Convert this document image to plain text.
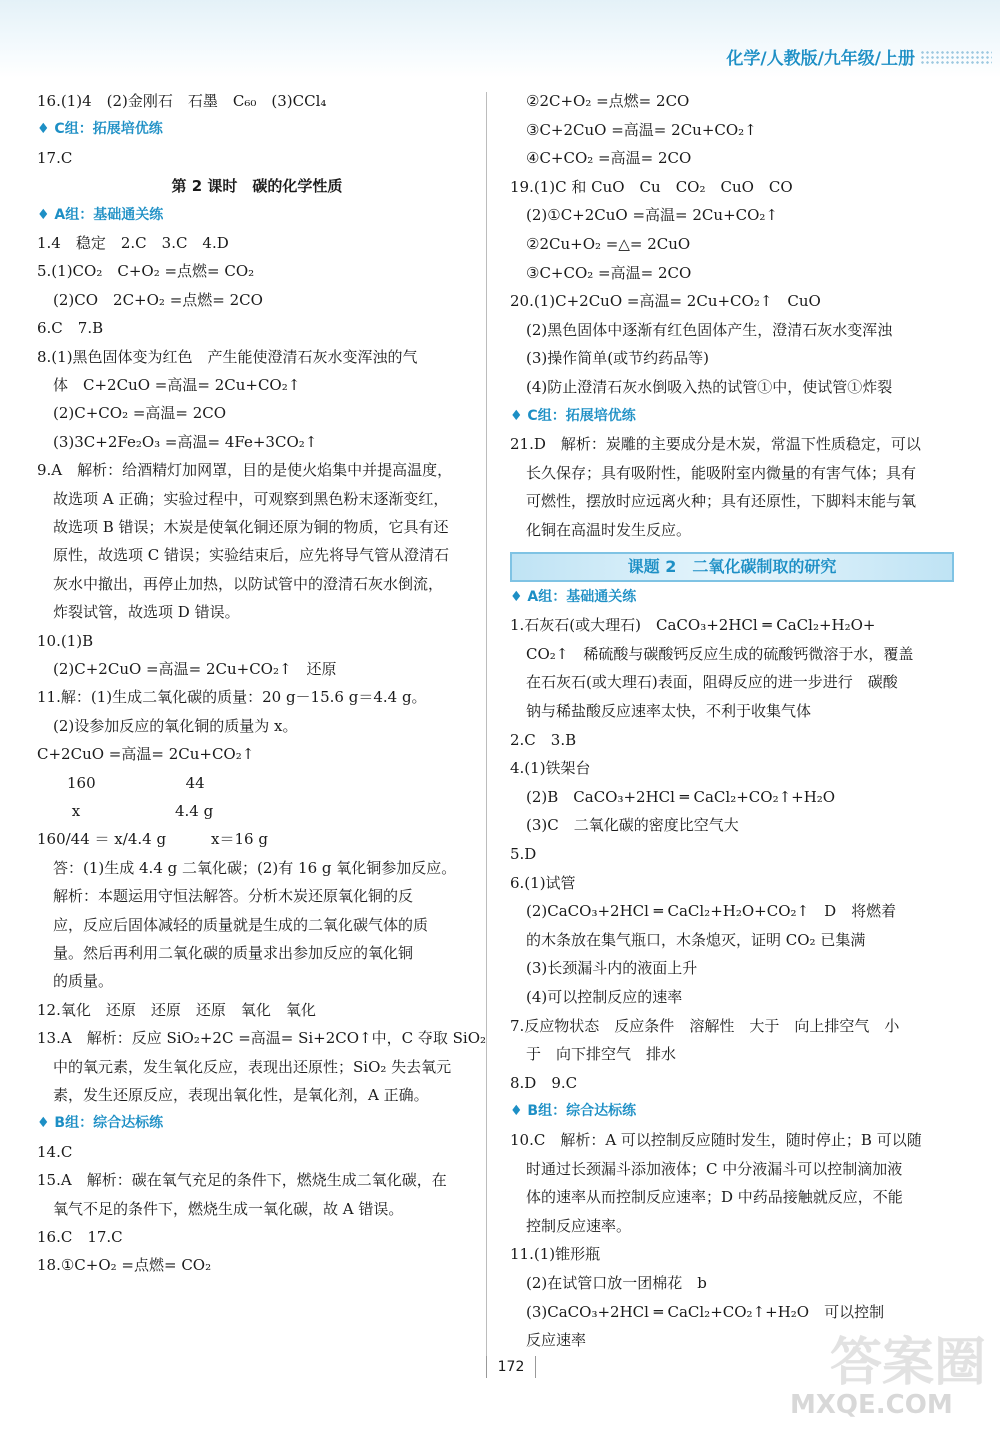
化学/人教版/九年级/上册
16.(1)4　(2)金刚石　石墨　C₆₀　(3)CCl₄
♦ C组：拓展培优练
17.C
第 2 课时　碳的化学性质
♦ A组：基础通关练
1.4　稳定　2.C　3.C　4.D
5.(1)CO₂　C+O₂ =点燃= CO₂
(2)CO　2C+O₂ =点燃= 2CO
6.C　7.B
8.(1)黑色固体变为红色　产生能使澄清石灰水变浑浊的气
体　C+2CuO =高温= 2Cu+CO₂↑
(2)C+CO₂ =高温= 2CO
(3)3C+2Fe₂O₃ =高温= 4Fe+3CO₂↑
9.A　解析：给酒精灯加网罩，目的是使火焰集中并提高温度，
故选项 A 正确；实验过程中，可观察到黑色粉末逐渐变红，
故选项 B 错误；木炭是使氧化铜还原为铜的物质，它具有还
原性，故选项 C 错误；实验结束后，应先将导气管从澄清石
灰水中撤出，再停止加热，以防试管中的澄清石灰水倒流，
炸裂试管，故选项 D 错误。
10.(1)B
(2)C+2CuO =高温= 2Cu+CO₂↑　还原
11.解：(1)生成二氧化碳的质量：20 g－15.6 g＝4.4 g。
(2)设参加反应的氧化铜的质量为 x。
C+2CuO =高温= 2Cu+CO₂↑
　　160　　　　　　44
　　 x　　　　　　 4.4 g
160/44 ＝ x/4.4 g　　　x＝16 g
答：(1)生成 4.4 g 二氧化碳；(2)有 16 g 氧化铜参加反应。
解析：本题运用守恒法解答。分析木炭还原氧化铜的反
应，反应后固体减轻的质量就是生成的二氧化碳气体的质
量。然后再利用二氧化碳的质量求出参加反应的氧化铜
的质量。
12.氧化　还原　还原　还原　氧化　氧化
13.A　解析：反应 SiO₂+2C =高温= Si+2CO↑中，C 夺取 SiO₂
中的氧元素，发生氧化反应，表现出还原性；SiO₂ 失去氧元
素，发生还原反应，表现出氧化性，是氧化剂，A 正确。
♦ B组：综合达标练
14.C
15.A　解析：碳在氧气充足的条件下，燃烧生成二氧化碳，在
氧气不足的条件下，燃烧生成一氧化碳，故 A 错误。
16.C　17.C
18.①C+O₂ =点燃= CO₂
②2C+O₂ =点燃= 2CO
③C+2CuO =高温= 2Cu+CO₂↑
④C+CO₂ =高温= 2CO
19.(1)C 和 CuO　Cu　CO₂　CuO　CO
(2)①C+2CuO =高温= 2Cu+CO₂↑
②2Cu+O₂ =△= 2CuO
③C+CO₂ =高温= 2CO
20.(1)C+2CuO =高温= 2Cu+CO₂↑　CuO
(2)黑色固体中逐渐有红色固体产生，澄清石灰水变浑浊
(3)操作简单(或节约药品等)
(4)防止澄清石灰水倒吸入热的试管①中，使试管①炸裂
♦ C组：拓展培优练
21.D　解析：炭雕的主要成分是木炭，常温下性质稳定，可以
长久保存；具有吸附性，能吸附室内微量的有害气体；具有
可燃性，摆放时应远离火种；具有还原性，下脚料末能与氧
化铜在高温时发生反应。
课题 2　二氧化碳制取的研究
♦ A组：基础通关练
1.石灰石(或大理石)　CaCO₃+2HCl ═ CaCl₂+H₂O+
CO₂↑　稀硫酸与碳酸钙反应生成的硫酸钙微溶于水，覆盖
在石灰石(或大理石)表面，阻碍反应的进一步进行　碳酸
钠与稀盐酸反应速率太快，不利于收集气体
2.C　3.B
4.(1)铁架台
(2)B　CaCO₃+2HCl ═ CaCl₂+CO₂↑+H₂O
(3)C　二氧化碳的密度比空气大
5.D
6.(1)试管
(2)CaCO₃+2HCl ═ CaCl₂+H₂O+CO₂↑　D　将燃着
的木条放在集气瓶口，木条熄灭，证明 CO₂ 已集满
(3)长颈漏斗内的液面上升
(4)可以控制反应的速率
7.反应物状态　反应条件　溶解性　大于　向上排空气　小
于　向下排空气　排水
8.D　9.C
♦ B组：综合达标练
10.C　解析：A 可以控制反应随时发生，随时停止；B 可以随
时通过长颈漏斗添加液体；C 中分液漏斗可以控制滴加液
体的速率从而控制反应速率；D 中药品接触就反应，不能
控制反应速率。
11.(1)锥形瓶
(2)在试管口放一团棉花　b
(3)CaCO₃+2HCl ═ CaCl₂+CO₂↑+H₂O　可以控制
反应速率
172	答案圈
MXQE.COM
